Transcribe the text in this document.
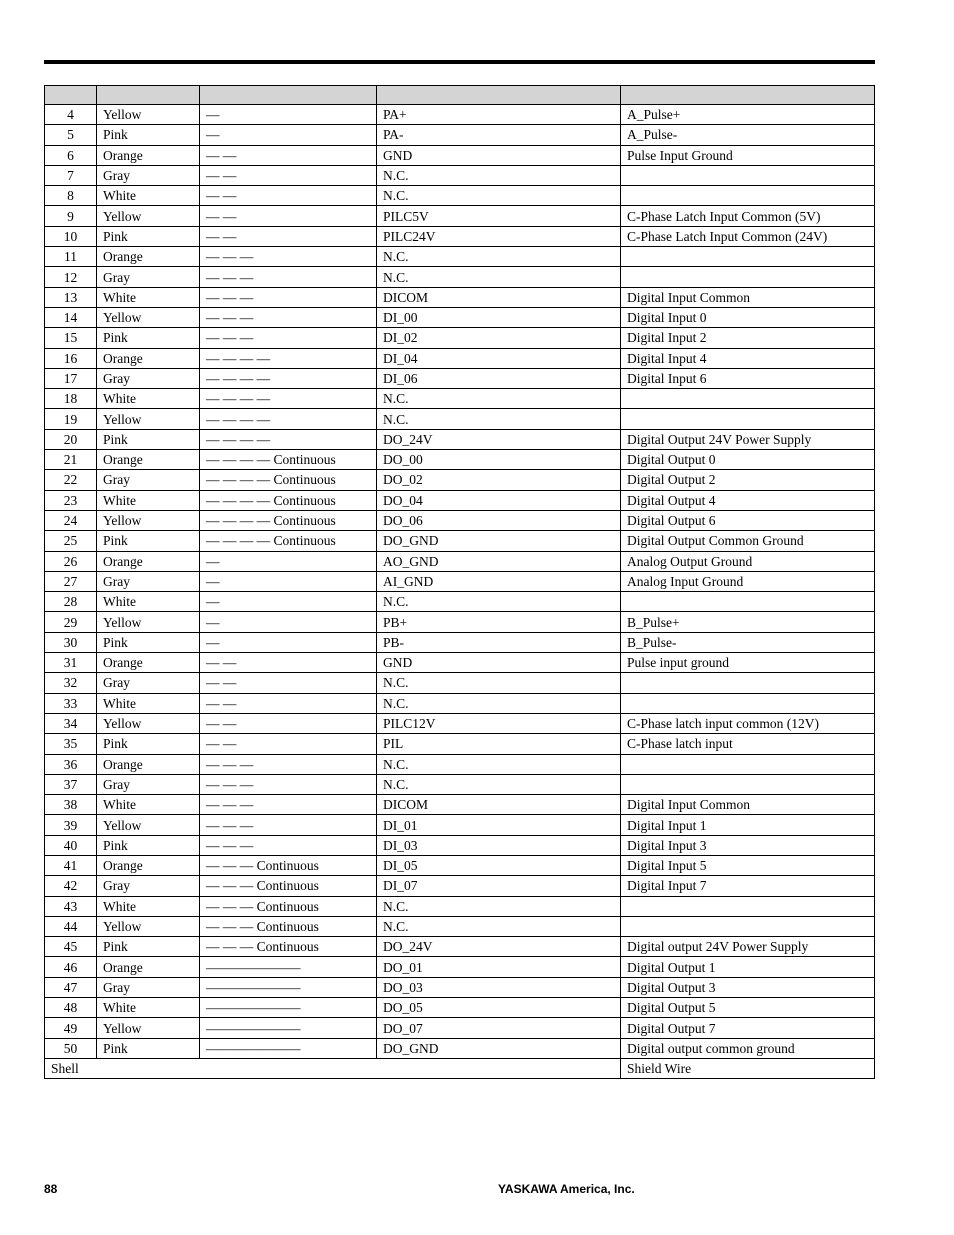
4	Yellow	—	PA+	A_Pulse+
5	Pink	—	PA-	A_Pulse-
6	Orange	— —	GND	Pulse Input Ground
7	Gray	— —	N.C.	
8	White	— —	N.C.	
9	Yellow	— —	PILC5V	C-Phase Latch Input Common (5V)
10	Pink	— —	PILC24V	C-Phase Latch Input Common (24V)
11	Orange	— — —	N.C.	
12	Gray	— — —	N.C.	
13	White	— — —	DICOM	Digital Input Common
14	Yellow	— — —	DI_00	Digital Input 0
15	Pink	— — —	DI_02	Digital Input 2
16	Orange	— — — —	DI_04	Digital Input 4
17	Gray	— — — —	DI_06	Digital Input 6
18	White	— — — —	N.C.	
19	Yellow	— — — —	N.C.	
20	Pink	— — — —	DO_24V	Digital Output 24V Power Supply
21	Orange	— — — — Continuous	DO_00	Digital Output 0
22	Gray	— — — — Continuous	DO_02	Digital Output 2
23	White	— — — — Continuous	DO_04	Digital Output 4
24	Yellow	— — — — Continuous	DO_06	Digital Output 6
25	Pink	— — — — Continuous	DO_GND	Digital Output Common Ground
26	Orange	—	AO_GND	Analog Output Ground
27	Gray	—	AI_GND	Analog Input Ground
28	White	—	N.C.	
29	Yellow	—	PB+	B_Pulse+
30	Pink	—	PB-	B_Pulse-
31	Orange	— —	GND	Pulse input ground
32	Gray	— —	N.C.	
33	White	— —	N.C.	
34	Yellow	— —	PILC12V	C-Phase latch input common (12V)
35	Pink	— —	PIL	C-Phase latch input
36	Orange	— — —	N.C.	
37	Gray	— — —	N.C.	
38	White	— — —	DICOM	Digital Input Common
39	Yellow	— — —	DI_01	Digital Input 1
40	Pink	— — —	DI_03	Digital Input 3
41	Orange	— — — Continuous	DI_05	Digital Input 5
42	Gray	— — — Continuous	DI_07	Digital Input 7
43	White	— — — Continuous	N.C.	
44	Yellow	— — — Continuous	N.C.	
45	Pink	— — — Continuous	DO_24V	Digital output 24V Power Supply
46	Orange	———————	DO_01	Digital Output 1
47	Gray	———————	DO_03	Digital Output 3
48	White	———————	DO_05	Digital Output 5
49	Yellow	———————	DO_07	Digital Output 7
50	Pink	———————	DO_GND	Digital output common ground
Shell				Shield Wire
88	YASKAWA America, Inc.
